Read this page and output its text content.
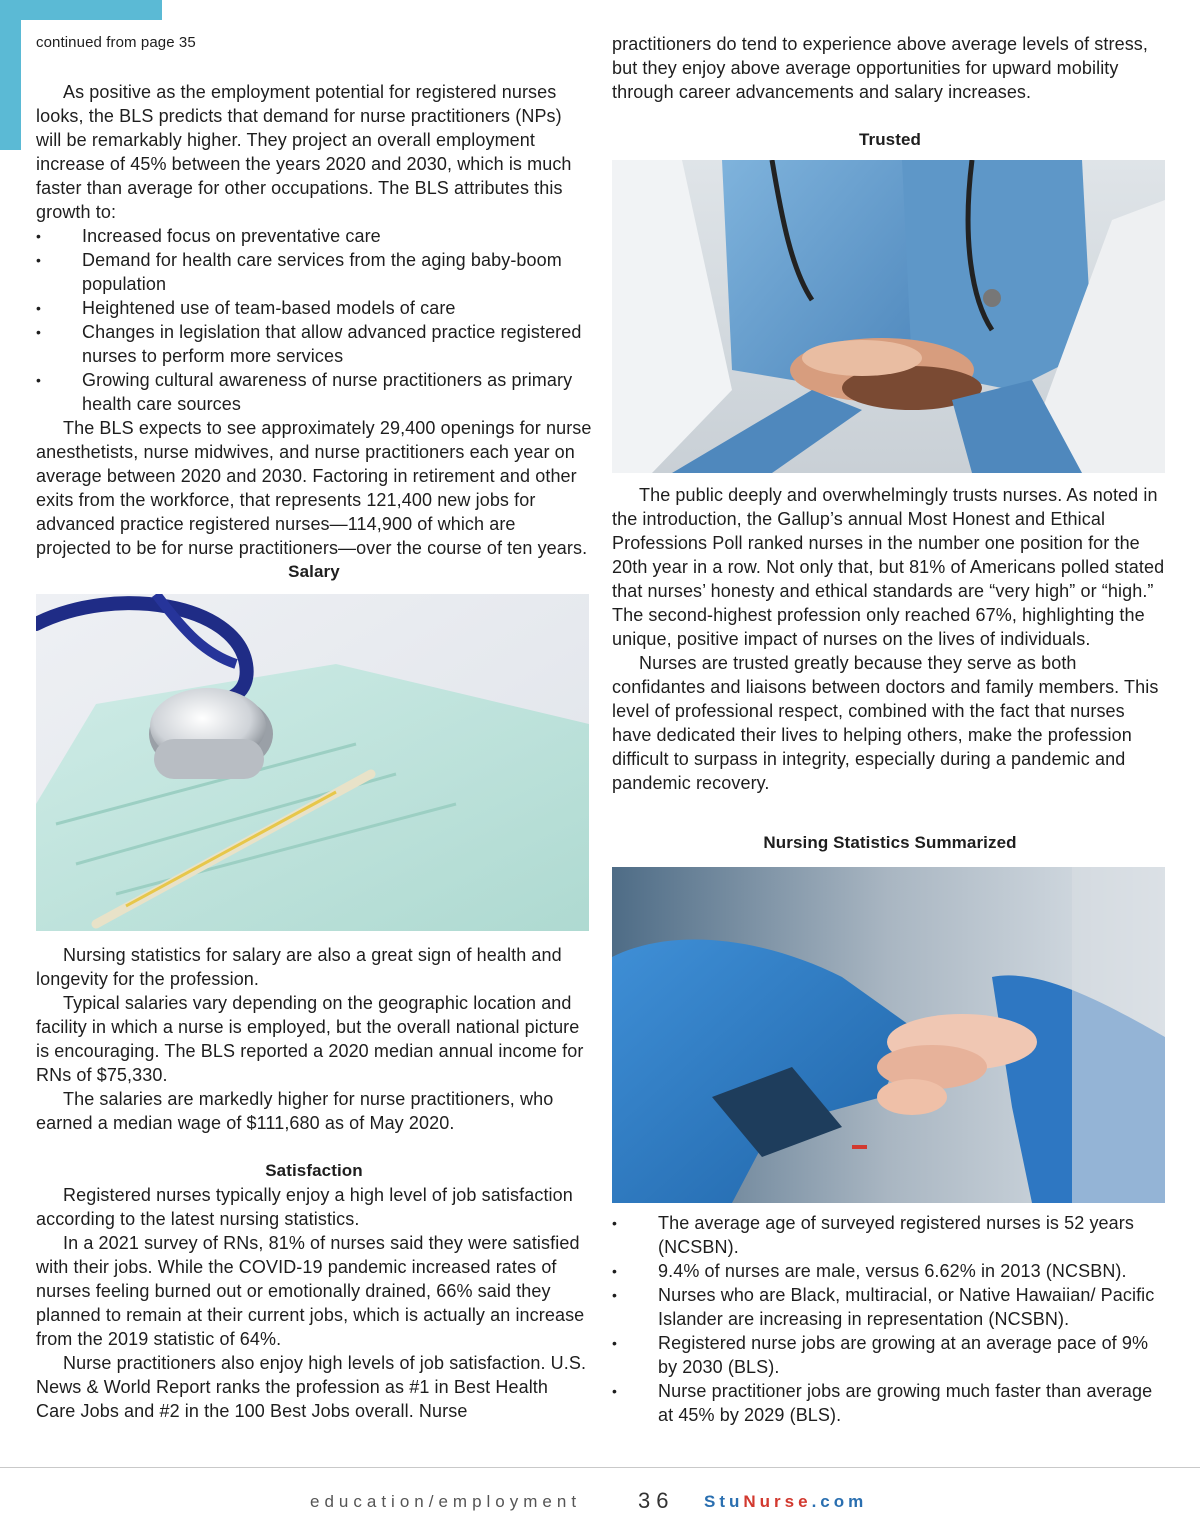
continued from page 35

As positive as the employment potential for registered nurses looks, the BLS predicts that demand for nurse practitioners (NPs) will be remarkably higher. They project an overall employment increase of 45% between the years 2020 and 2030, which is much faster than average for other occupations. The BLS attributes this growth to:

• Increased focus on preventative care
• Demand for health care services from the aging baby-boom population
• Heightened use of team-based models of care
• Changes in legislation that allow advanced practice registered nurses to perform more services
• Growing cultural awareness of nurse practitioners as primary health care sources

The BLS expects to see approximately 29,400 openings for nurse anesthetists, nurse midwives, and nurse practitioners each year on average between 2020 and 2030. Factoring in retirement and other exits from the workforce, that represents 121,400 new jobs for advanced practice registered nurses—114,900 of which are projected to be for nurse practitioners—over the course of ten years.

Salary

Nursing statistics for salary are also a great sign of health and longevity for the profession.

Typical salaries vary depending on the geographic location and facility in which a nurse is employed, but the overall national picture is encouraging. The BLS reported a 2020 median annual income for RNs of $75,330.

The salaries are markedly higher for nurse practitioners, who earned a median wage of $111,680 as of May 2020.

Satisfaction

Registered nurses typically enjoy a high level of job satisfaction according to the latest nursing statistics.

In a 2021 survey of RNs, 81% of nurses said they were satisfied with their jobs. While the COVID-19 pandemic increased rates of nurses feeling burned out or emotionally drained, 66% said they planned to remain at their current jobs, which is actually an increase from the 2019 statistic of 64%.

Nurse practitioners also enjoy high levels of job satisfaction. U.S. News & World Report ranks the profession as #1 in Best Health Care Jobs and #2 in the 100 Best Jobs overall. Nurse

practitioners do tend to experience above average levels of stress, but they enjoy above average opportunities for upward mobility through career advancements and salary increases.

Trusted

The public deeply and overwhelmingly trusts nurses. As noted in the introduction, the Gallup’s annual Most Honest and Ethical Professions Poll ranked nurses in the number one position for the 20th year in a row. Not only that, but 81% of Americans polled stated that nurses’ honesty and ethical standards are “very high” or “high.” The second-highest profession only reached 67%, highlighting the unique, positive impact of nurses on the lives of individuals.

Nurses are trusted greatly because they serve as both confidantes and liaisons between doctors and family members. This level of professional respect, combined with the fact that nurses have dedicated their lives to helping others, make the profession difficult to surpass in integrity, especially during a pandemic and pandemic recovery.

Nursing Statistics Summarized
• The average age of surveyed registered nurses is 52 years (NCSBN).
• 9.4% of nurses are male, versus 6.62% in 2013 (NCSBN).
• Nurses who are Black, multiracial, or Native Hawaiian/ Pacific Islander are increasing in representation (NCSBN).
• Registered nurse jobs are growing at an average pace of 9% by 2030 (BLS).
• Nurse practitioner jobs are growing much faster than average at 45% by 2029 (BLS).
education/employment	36 StuNurse.com
